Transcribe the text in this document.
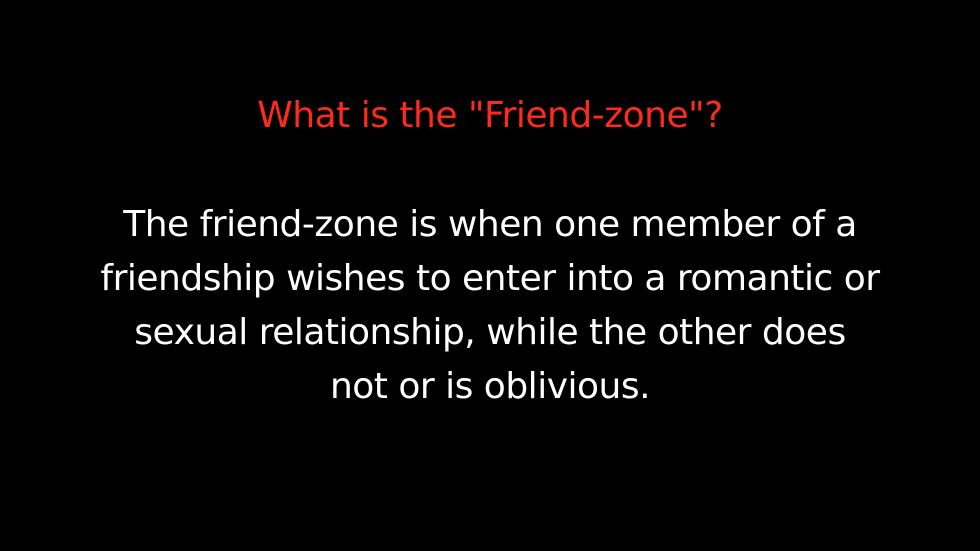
What is the "Friend-zone"?
The friend-zone is when one member of a
friendship wishes to enter into a romantic or
sexual relationship, while the other does
not or is oblivious.
